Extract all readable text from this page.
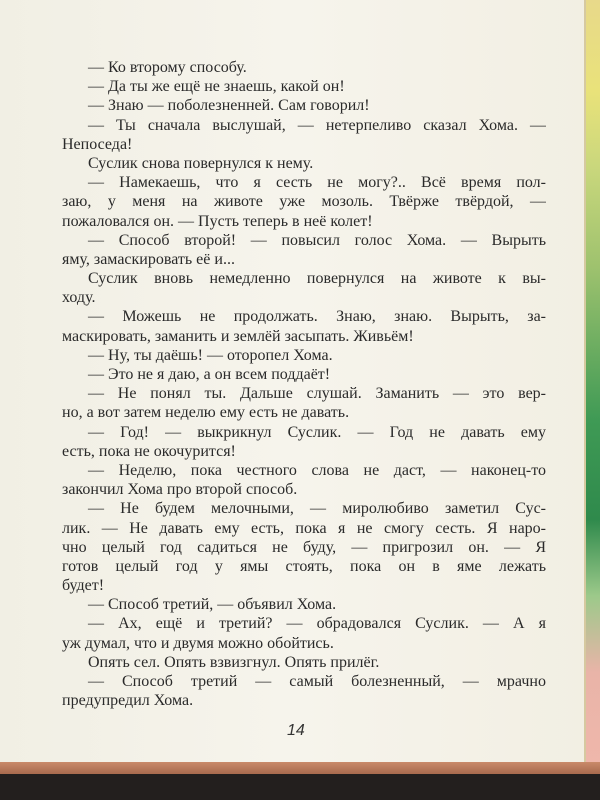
— Ко второму способу.
— Да ты же ещё не знаешь, какой он!
— Знаю — поболезненней. Сам говорил!
— Ты сначала выслушай, — нетерпеливо сказал Хома. —
Непоседа!
Суслик снова повернулся к нему.
— Намекаешь, что я сесть не могу?.. Всё время пол-
заю, у меня на животе уже мозоль. Твёрже твёрдой, —
пожаловался он. — Пусть теперь в неё колет!
— Способ второй! — повысил голос Хома. — Вырыть
яму, замаскировать её и...
Суслик вновь немедленно повернулся на животе к вы-
ходу.
— Можешь не продолжать. Знаю, знаю. Вырыть, за-
маскировать, заманить и землёй засыпать. Живьём!
— Ну, ты даёшь! — оторопел Хома.
— Это не я даю, а он всем поддаёт!
— Не понял ты. Дальше слушай. Заманить — это вер-
но, а вот затем неделю ему есть не давать.
— Год! — выкрикнул Суслик. — Год не давать ему
есть, пока не окочурится!
— Неделю, пока честного слова не даст, — наконец-то
закончил Хома про второй способ.
— Не будем мелочными, — миролюбиво заметил Сус-
лик. — Не давать ему есть, пока я не смогу сесть. Я наро-
чно целый год садиться не буду, — пригрозил он. — Я
готов целый год у ямы стоять, пока он в яме лежать
будет!
— Способ третий, — объявил Хома.
— Ах, ещё и третий? — обрадовался Суслик. — А я
уж думал, что и двумя можно обойтись.
Опять сел. Опять взвизгнул. Опять прилёг.
— Способ третий — самый болезненный, — мрачно
предупредил Хома.
14
